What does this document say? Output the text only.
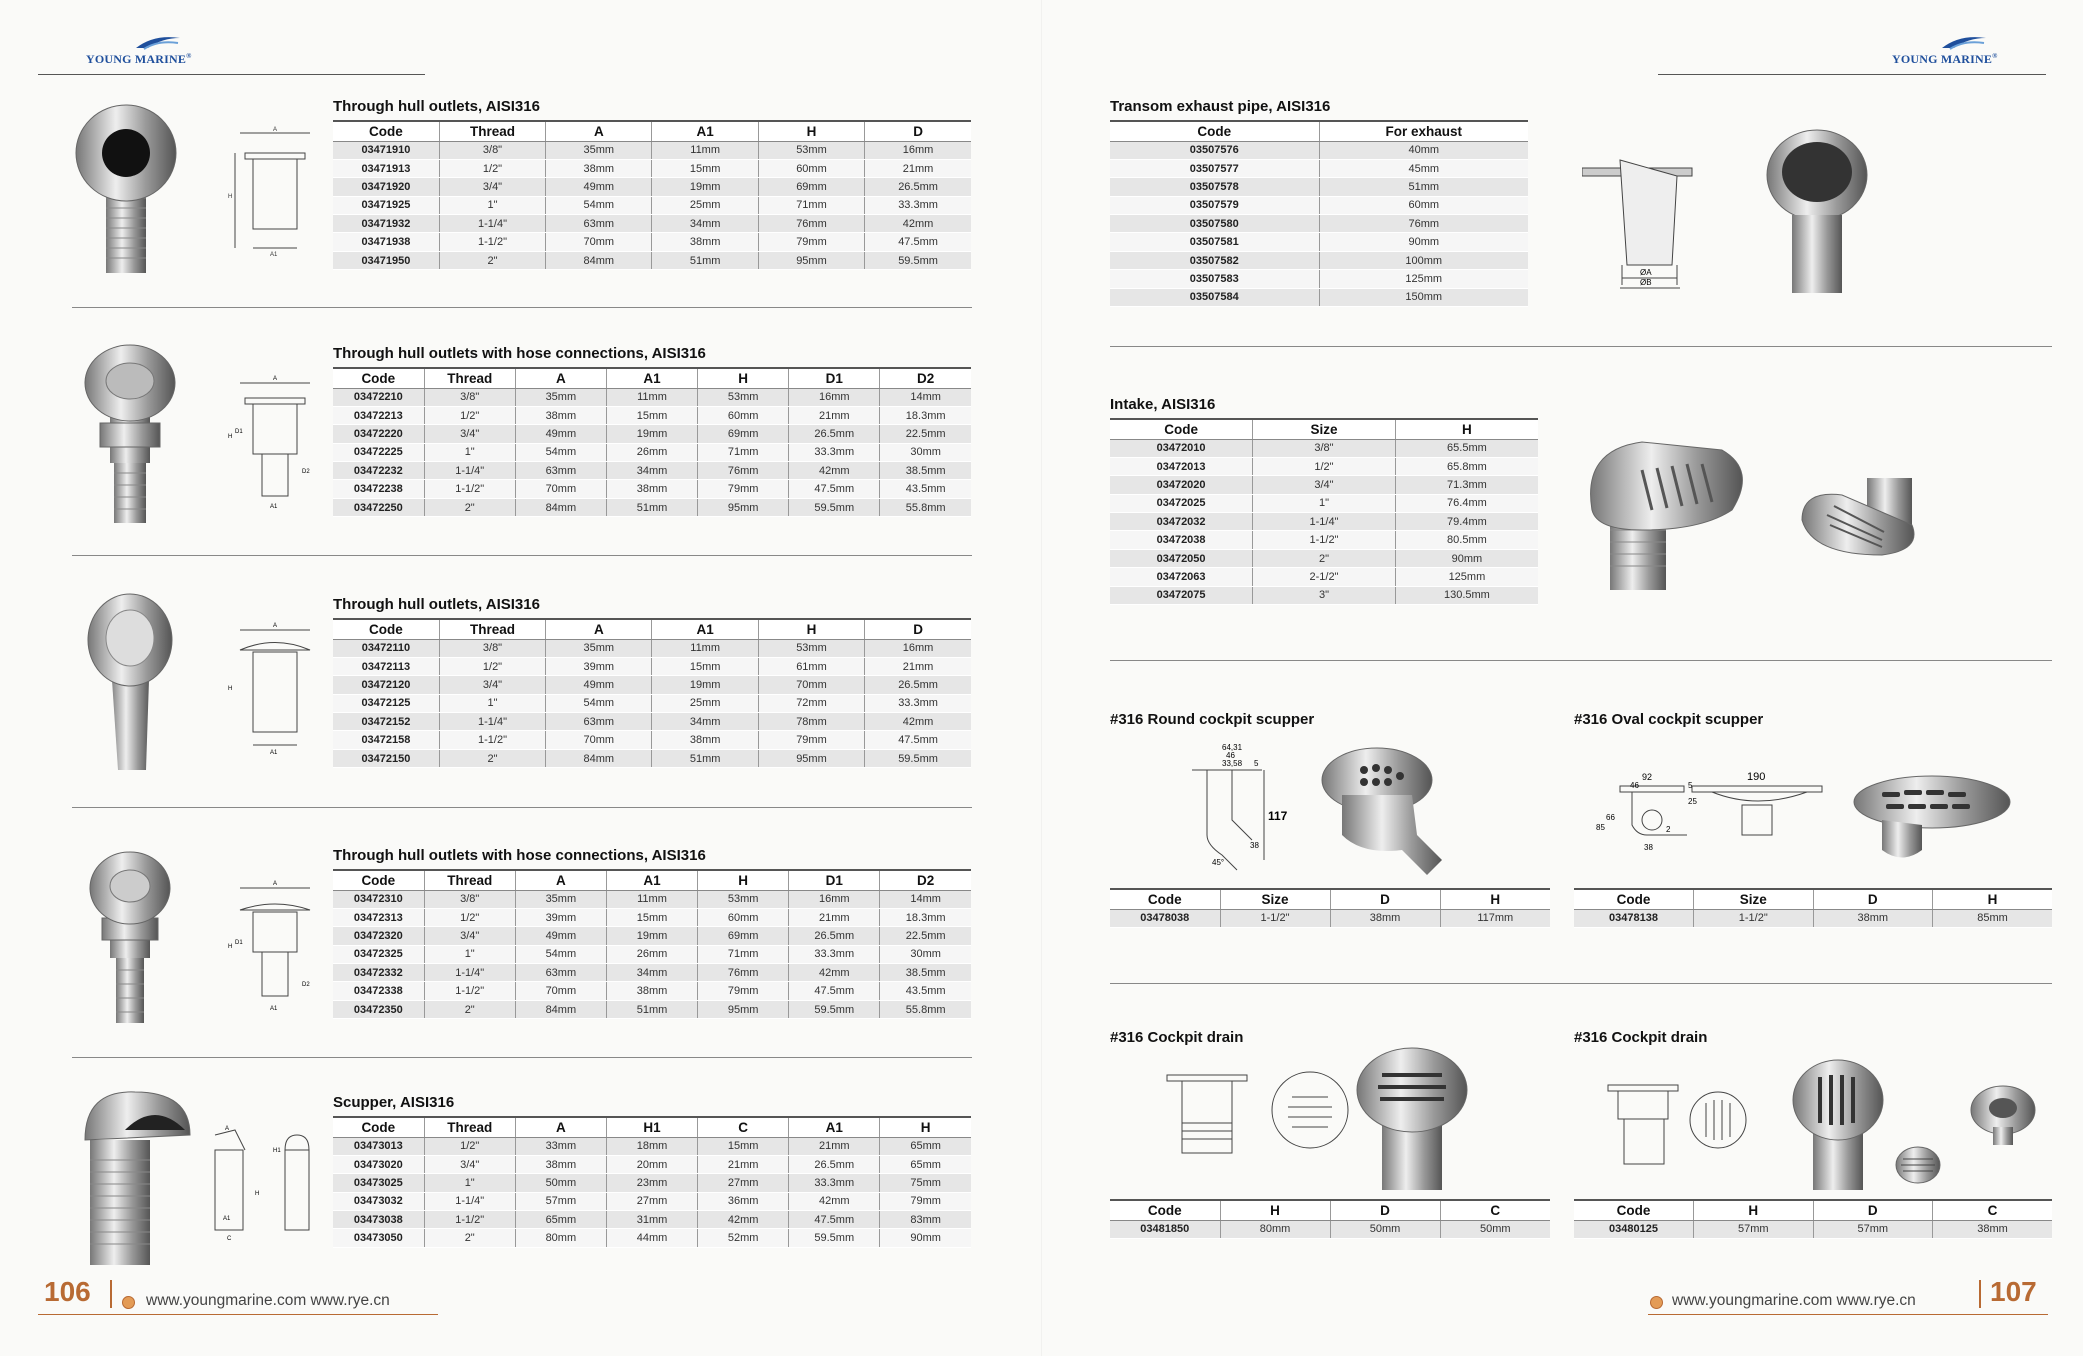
YOUNG MARINE®
A
H
A1
Through hull outlets, AISI316
Code	Thread	A	A1	H	D
03471910	3/8"	35mm	11mm	53mm	16mm
03471913	1/2"	38mm	15mm	60mm	21mm
03471920	3/4"	49mm	19mm	69mm	26.5mm
03471925	1"	54mm	25mm	71mm	33.3mm
03471932	1-1/4"	63mm	34mm	76mm	42mm
03471938	1-1/2"	70mm	38mm	79mm	47.5mm
03471950	2"	84mm	51mm	95mm	59.5mm
A
H
D1
D2
A1
Through hull outlets with hose connections, AISI316
Code	Thread	A	A1	H	D1	D2
03472210	3/8"	35mm	11mm	53mm	16mm	14mm
03472213	1/2"	38mm	15mm	60mm	21mm	18.3mm
03472220	3/4"	49mm	19mm	69mm	26.5mm	22.5mm
03472225	1"	54mm	26mm	71mm	33.3mm	30mm
03472232	1-1/4"	63mm	34mm	76mm	42mm	38.5mm
03472238	1-1/2"	70mm	38mm	79mm	47.5mm	43.5mm
03472250	2"	84mm	51mm	95mm	59.5mm	55.8mm
A
H
A1
Through hull outlets, AISI316
Code	Thread	A	A1	H	D
03472110	3/8"	35mm	11mm	53mm	16mm
03472113	1/2"	39mm	15mm	61mm	21mm
03472120	3/4"	49mm	19mm	70mm	26.5mm
03472125	1"	54mm	25mm	72mm	33.3mm
03472152	1-1/4"	63mm	34mm	78mm	42mm
03472158	1-1/2"	70mm	38mm	79mm	47.5mm
03472150	2"	84mm	51mm	95mm	59.5mm
A
H
D1
D2
A1
Through hull outlets with hose connections, AISI316
Code	Thread	A	A1	H	D1	D2
03472310	3/8"	35mm	11mm	53mm	16mm	14mm
03472313	1/2"	39mm	15mm	60mm	21mm	18.3mm
03472320	3/4"	49mm	19mm	69mm	26.5mm	22.5mm
03472325	1"	54mm	26mm	71mm	33.3mm	30mm
03472332	1-1/4"	63mm	34mm	76mm	42mm	38.5mm
03472338	1-1/2"	70mm	38mm	79mm	47.5mm	43.5mm
03472350	2"	84mm	51mm	95mm	59.5mm	55.8mm
A
A1
H
H1
C
Scupper, AISI316
Code	Thread	A	H1	C	A1	H
03473013	1/2"	33mm	18mm	15mm	21mm	65mm
03473020	3/4"	38mm	20mm	21mm	26.5mm	65mm
03473025	1"	50mm	23mm	27mm	33.3mm	75mm
03473032	1-1/4"	57mm	27mm	36mm	42mm	79mm
03473038	1-1/2"	65mm	31mm	42mm	47.5mm	83mm
03473050	2"	80mm	44mm	52mm	59.5mm	90mm
106	www.youngmarine.com www.rye.cn
YOUNG MARINE®
Transom exhaust pipe, AISI316
Code	For exhaust
03507576	40mm
03507577	45mm
03507578	51mm
03507579	60mm
03507580	76mm
03507581	90mm
03507582	100mm
03507583	125mm
03507584	150mm
ØA
ØB
Intake, AISI316
Code	Size	H
03472010	3/8"	65.5mm
03472013	1/2"	65.8mm
03472020	3/4"	71.3mm
03472025	1"	76.4mm
03472032	1-1/4"	79.4mm
03472038	1-1/2"	80.5mm
03472050	2"	90mm
03472063	2-1/2"	125mm
03472075	3"	130.5mm
#316 Round cockpit scupper
64,31
46
33,58 5
117
45°
38
Code	Size	D	H
03478038	1-1/2"	38mm	117mm
#316 Oval cockpit scupper
92
46
25
5
190
85
66
2
38
Code	Size	D	H
03478138	1-1/2"	38mm	85mm
#316 Cockpit drain
Code	H	D	C
03481850	80mm	50mm	50mm
#316 Cockpit drain
Code	H	D	C
03480125	57mm	57mm	38mm
www.youngmarine.com www.rye.cn	107
